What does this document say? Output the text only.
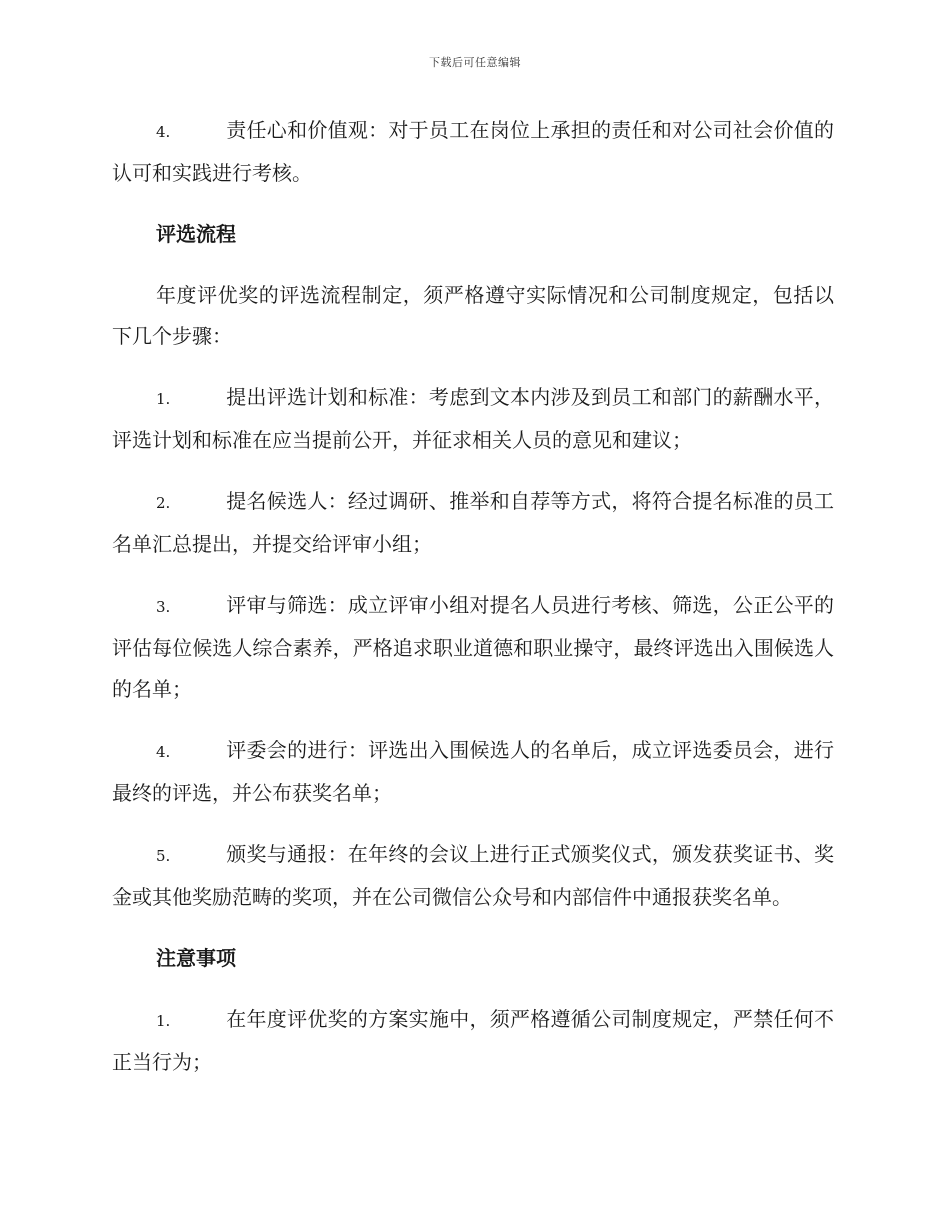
下载后可任意编辑

4.	责任心和价值观：对于员工在岗位上承担的责任和对公司社会价值的认可和实践进行考核。

评选流程

年度评优奖的评选流程制定，须严格遵守实际情况和公司制度规定，包括以下几个步骤：

1.	提出评选计划和标准：考虑到文本内涉及到员工和部门的薪酬水平，评选计划和标准在应当提前公开，并征求相关人员的意见和建议；

2.	提名候选人：经过调研、推举和自荐等方式，将符合提名标准的员工名单汇总提出，并提交给评审小组；

3.	评审与筛选：成立评审小组对提名人员进行考核、筛选，公正公平的评估每位候选人综合素养，严格追求职业道德和职业操守，最终评选出入围候选人的名单；

4.	评委会的进行：评选出入围候选人的名单后，成立评选委员会，进行最终的评选，并公布获奖名单；

5.	颁奖与通报：在年终的会议上进行正式颁奖仪式，颁发获奖证书、奖金或其他奖励范畴的奖项，并在公司微信公众号和内部信件中通报获奖名单。

注意事项

1.	在年度评优奖的方案实施中，须严格遵循公司制度规定，严禁任何不正当行为；
